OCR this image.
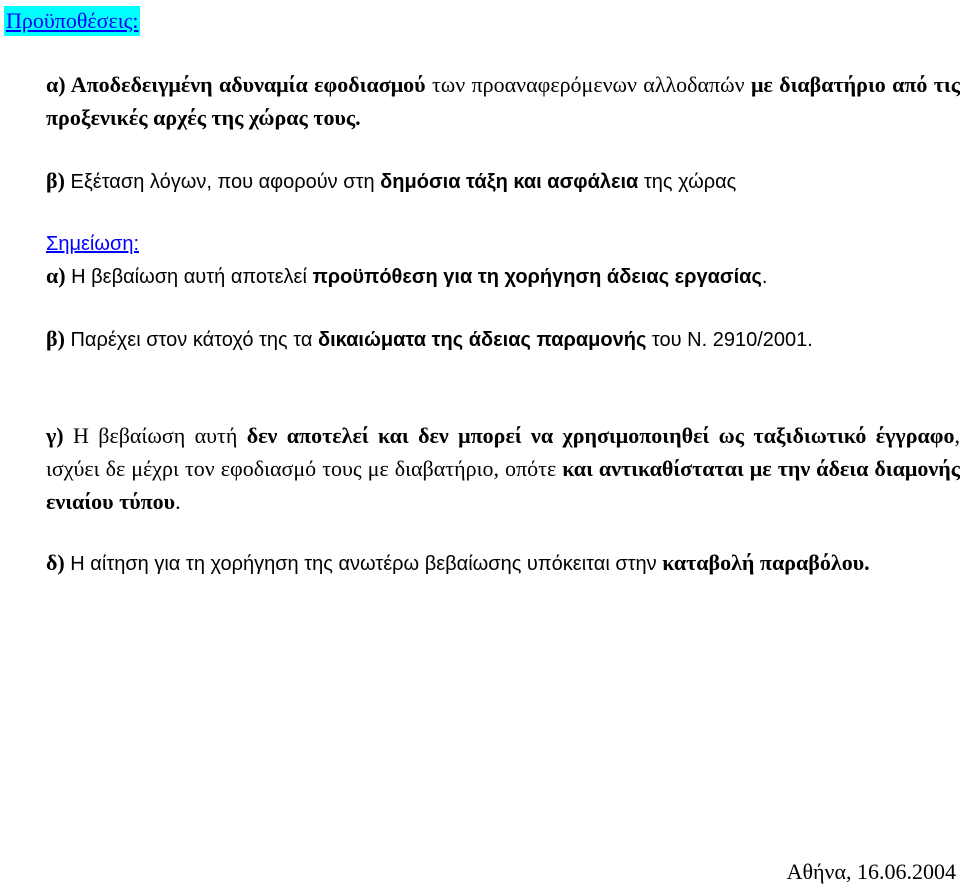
Προϋποθέσεις:

α) Αποδεδειγμένη αδυναμία εφοδιασμού των προαναφερόμενων αλλοδαπών με διαβατήριο από τις προξενικές αρχές της χώρας τους.

β) Εξέταση λόγων, που αφορούν στη δημόσια τάξη και ασφάλεια της χώρας

Σημείωση:

α) Η βεβαίωση αυτή αποτελεί προϋπόθεση για τη χορήγηση άδειας εργασίας.

β) Παρέχει στον κάτοχό της τα δικαιώματα της άδειας παραμονής του Ν. 2910/2001.

γ) Η βεβαίωση αυτή δεν αποτελεί και δεν μπορεί να χρησιμοποιηθεί ως ταξιδιωτικό έγγραφο, ισχύει δε μέχρι τον εφοδιασμό τους με διαβατήριο, οπότε και αντικαθίσταται με την άδεια διαμονής ενιαίου τύπου.

δ) Η αίτηση για τη χορήγηση της ανωτέρω βεβαίωσης υπόκειται στην καταβολή παραβόλου.

Αθήνα, 16.06.2004
